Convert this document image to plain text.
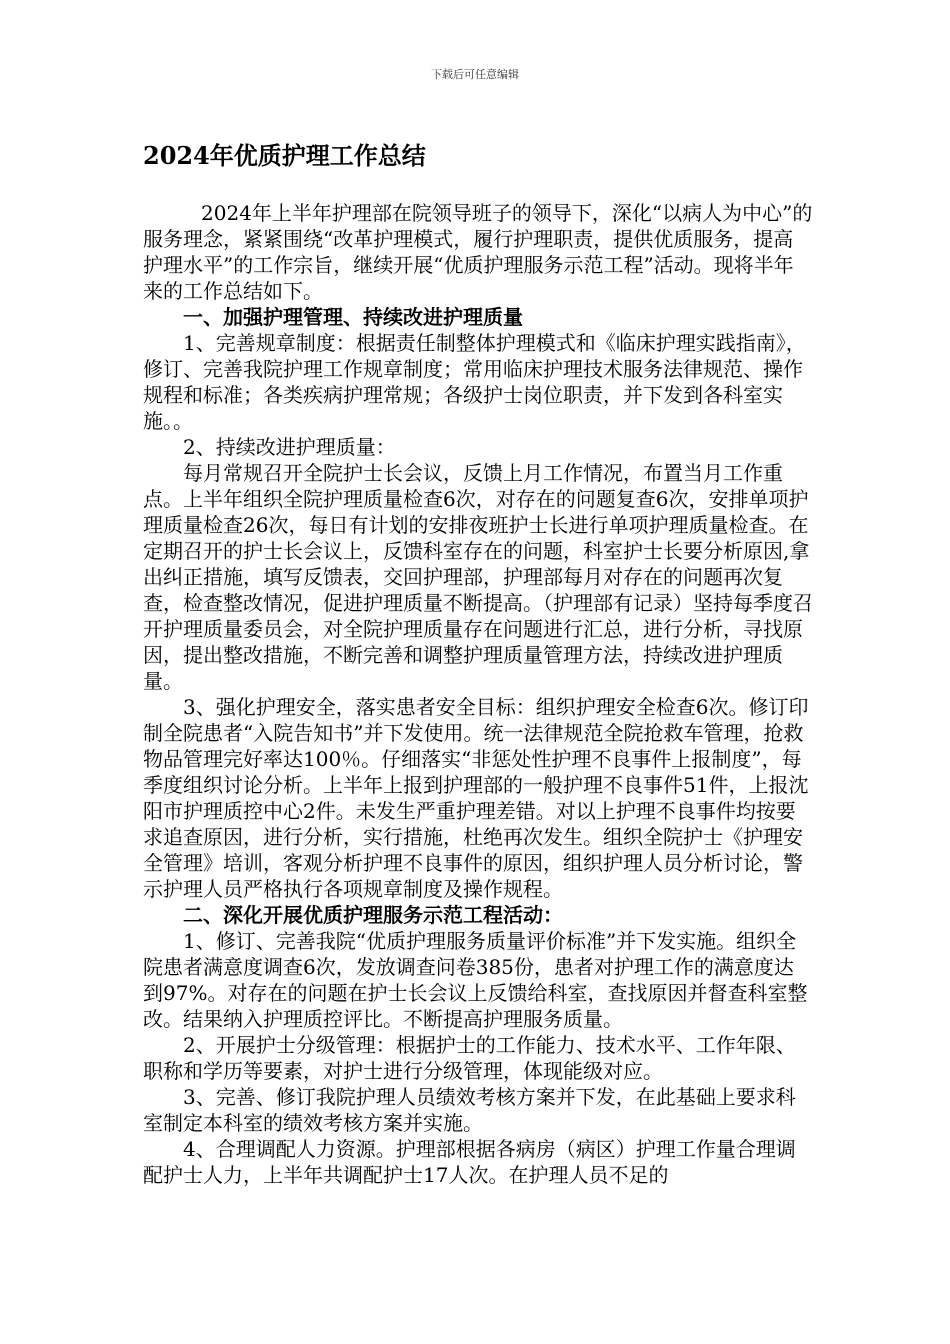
下载后可任意编辑
2024年优质护理工作总结

2024年上半年护理部在院领导班子的领导下，深化“以病人为中心”的服务理念，紧紧围绕“改革护理模式，履行护理职责，提供优质服务，提高护理水平”的工作宗旨，继续开展“优质护理服务示范工程”活动。现将半年来的工作总结如下。

一、加强护理管理、持续改进护理质量

1、完善规章制度：根据责任制整体护理模式和《临床护理实践指南》，修订、完善我院护理工作规章制度；常用临床护理技术服务法律规范、操作规程和标准；各类疾病护理常规；各级护士岗位职责，并下发到各科室实施。。

2、持续改进护理质量：

每月常规召开全院护士长会议，反馈上月工作情况，布置当月工作重点。上半年组织全院护理质量检查6次，对存在的问题复查6次，安排单项护理质量检查26次，每日有计划的安排夜班护士长进行单项护理质量检查。在定期召开的护士长会议上，反馈科室存在的问题，科室护士长要分析原因,拿出纠正措施，填写反馈表，交回护理部，护理部每月对存在的问题再次复查，检查整改情况，促进护理质量不断提高。（护理部有记录）坚持每季度召开护理质量委员会，对全院护理质量存在问题进行汇总，进行分析，寻找原因，提出整改措施，不断完善和调整护理质量管理方法，持续改进护理质量。

3、强化护理安全，落实患者安全目标：组织护理安全检查6次。修订印制全院患者“入院告知书”并下发使用。统一法律规范全院抢救车管理，抢救物品管理完好率达100％。仔细落实“非惩处性护理不良事件上报制度”，每季度组织讨论分析。上半年上报到护理部的一般护理不良事件51件，上报沈阳市护理质控中心2件。未发生严重护理差错。对以上护理不良事件均按要求追查原因，进行分析，实行措施，杜绝再次发生。组织全院护士《护理安全管理》培训，客观分析护理不良事件的原因，组织护理人员分析讨论，警示护理人员严格执行各项规章制度及操作规程。

二、深化开展优质护理服务示范工程活动：

1、修订、完善我院“优质护理服务质量评价标准”并下发实施。组织全院患者满意度调查6次，发放调查问卷385份，患者对护理工作的满意度达到97%。对存在的问题在护士长会议上反馈给科室，查找原因并督查科室整改。结果纳入护理质控评比。不断提高护理服务质量。

2、开展护士分级管理：根据护士的工作能力、技术水平、工作年限、职称和学历等要素，对护士进行分级管理，体现能级对应。

3、完善、修订我院护理人员绩效考核方案并下发，在此基础上要求科室制定本科室的绩效考核方案并实施。

4、合理调配人力资源。护理部根据各病房（病区）护理工作量合理调配护士人力，上半年共调配护士17人次。在护理人员不足的
